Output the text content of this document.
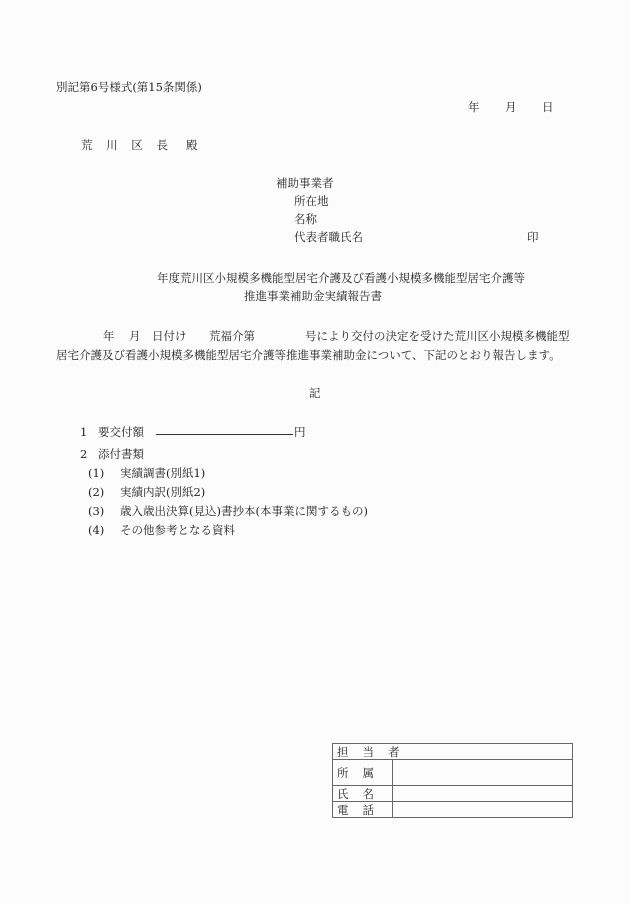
別記第6号様式(第15条関係)
年 月 日
荒 川 区 長 殿
補助事業者
所在地
名称
代表者職氏名	印
年度荒川区小規模多機能型居宅介護及び看護小規模多機能型居宅介護等
推進事業補助金実績報告書
年 月 日付け 荒福介第	号により交付の決定を受けた荒川区小規模多機能型
居宅介護及び看護小規模多機能型居宅介護等推進事業補助金について、下記のとおり報告します。
記
1 要交付額	円
2 添付書類
(1) 実績調書(別紙1)
(2) 実績内訳(別紙2)
(3) 歳入歳出決算(見込)書抄本(本事業に関するもの)
(4) その他参考となる資料
担当者	
所属	
氏名	
電話	
